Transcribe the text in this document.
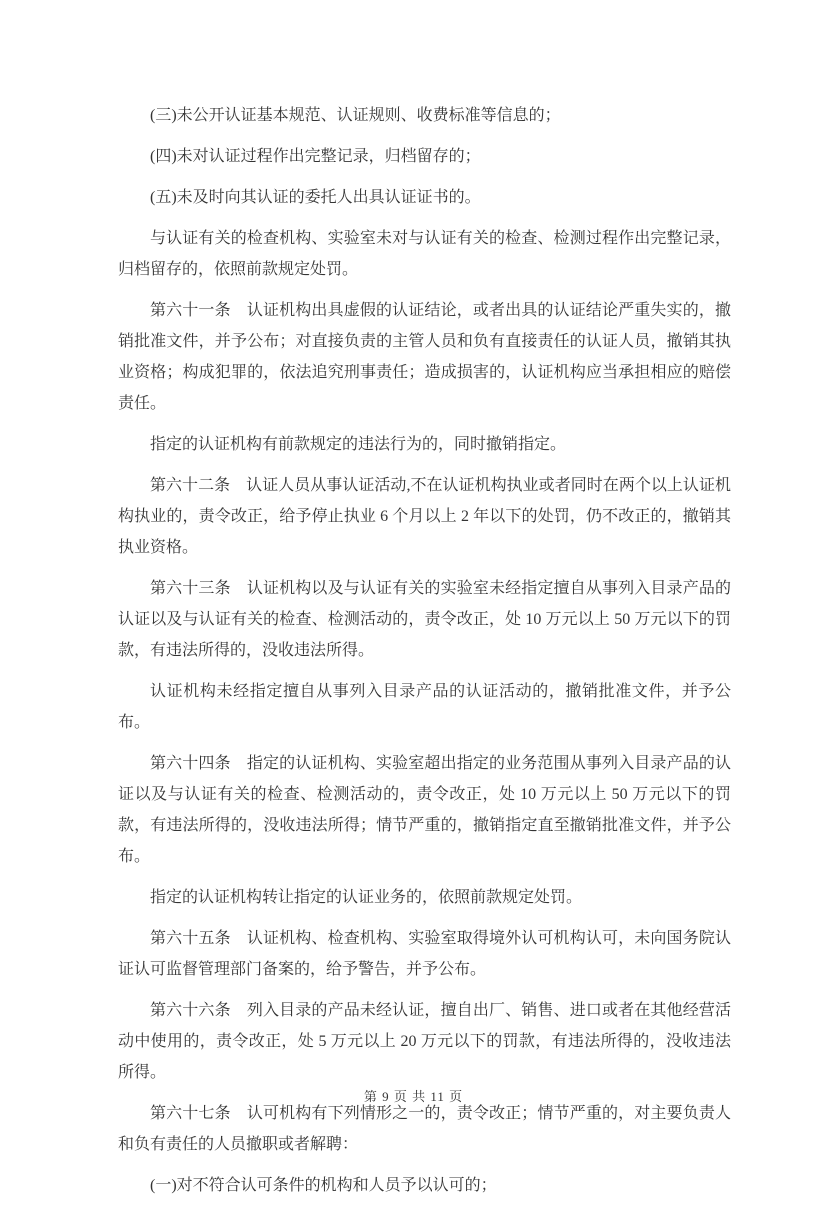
(三)未公开认证基本规范、认证规则、收费标准等信息的；

(四)未对认证过程作出完整记录，归档留存的；

(五)未及时向其认证的委托人出具认证证书的。

与认证有关的检查机构、实验室未对与认证有关的检查、检测过程作出完整记录，归档留存的，依照前款规定处罚。

第六十一条　认证机构出具虚假的认证结论，或者出具的认证结论严重失实的，撤销批准文件，并予公布；对直接负责的主管人员和负有直接责任的认证人员，撤销其执业资格；构成犯罪的，依法追究刑事责任；造成损害的，认证机构应当承担相应的赔偿责任。

指定的认证机构有前款规定的违法行为的，同时撤销指定。

第六十二条　认证人员从事认证活动,不在认证机构执业或者同时在两个以上认证机构执业的，责令改正，给予停止执业 6 个月以上 2 年以下的处罚，仍不改正的，撤销其执业资格。

第六十三条　认证机构以及与认证有关的实验室未经指定擅自从事列入目录产品的认证以及与认证有关的检查、检测活动的，责令改正，处 10 万元以上 50 万元以下的罚款，有违法所得的，没收违法所得。

认证机构未经指定擅自从事列入目录产品的认证活动的，撤销批准文件，并予公布。

第六十四条　指定的认证机构、实验室超出指定的业务范围从事列入目录产品的认证以及与认证有关的检查、检测活动的，责令改正，处 10 万元以上 50 万元以下的罚款，有违法所得的，没收违法所得；情节严重的，撤销指定直至撤销批准文件，并予公布。

指定的认证机构转让指定的认证业务的，依照前款规定处罚。

第六十五条　认证机构、检查机构、实验室取得境外认可机构认可，未向国务院认证认可监督管理部门备案的，给予警告，并予公布。

第六十六条　列入目录的产品未经认证，擅自出厂、销售、进口或者在其他经营活动中使用的，责令改正，处 5 万元以上 20 万元以下的罚款，有违法所得的，没收违法所得。

第六十七条　认可机构有下列情形之一的，责令改正；情节严重的，对主要负责人和负有责任的人员撤职或者解聘：

(一)对不符合认可条件的机构和人员予以认可的；

第 9 页 共 11 页
